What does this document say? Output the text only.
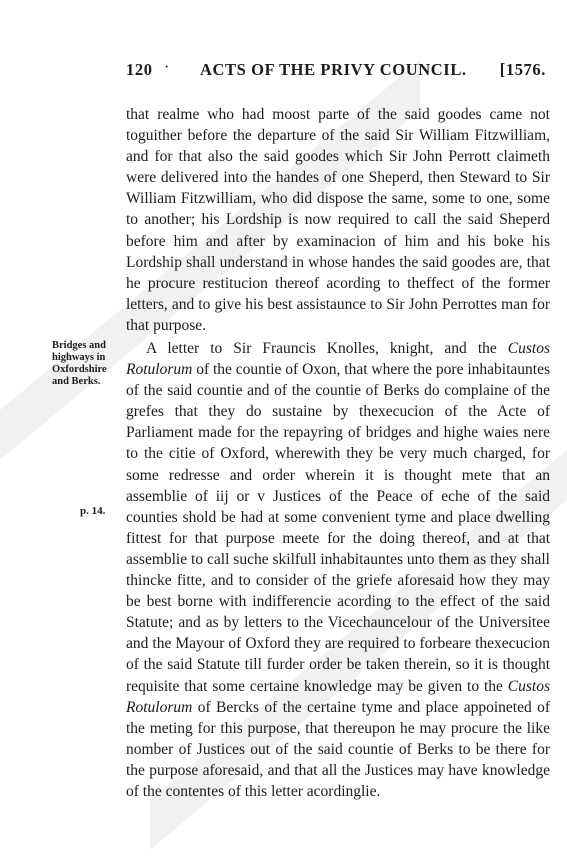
120 · ACTS OF THE PRIVY COUNCIL. [1576.

that realme who had moost parte of the said goodes came not toguither before the departure of the said Sir William Fitzwilliam, and for that also the said goodes which Sir John Perrott claimeth were delivered into the handes of one Sheperd, then Steward to Sir William Fitzwilliam, who did dispose the same, some to one, some to another; his Lordship is now required to call the said Sheperd before him and after by examinacion of him and his boke his Lordship shall understand in whose handes the said goodes are, that he procure restitucion thereof acording to theffect of the former letters, and to give his best assistaunce to Sir John Perrottes man for that purpose.

Bridges and highways in Oxfordshire and Berks.

A letter to Sir Frauncis Knolles, knight, and the Custos Rotulorum of the countie of Oxon, that where the pore inhabitauntes of the said countie and of the countie of Berks do complaine of the grefes that they do sustaine by thexecucion of the Acte of Parliament made for the repayring of bridges and highe waies nere to the citie of Oxford, wherewith they be very much charged, for some redresse and order wherein it is thought mete that an assemblie of iij or v Justices of the Peace of eche of the said counties shold be had at some convenient tyme and place dwelling fittest for that purpose meete for the doing thereof, and at that assemblie to call suche skilfull inhabitauntes unto them as they shall thincke fitte, and to consider of the griefe aforesaid how they may be best borne with indifferencie acording to the effect of the said Statute; and as by letters to the Vicechauncelour of the Universitee and the Mayour of Oxford they are required to forbeare thexecucion of the said Statute till furder order be taken therein, so it is thought requisite that some certaine knowledge may be given to the Custos Rotulorum of Bercks of the certaine tyme and place appoineted of the meting for this purpose, that thereupon he may procure the like nomber of Justices out of the said countie of Berks to be there for the purpose aforesaid, and that all the Justices may have knowledge of the contentes of this letter acordinglie.

p. 14.
